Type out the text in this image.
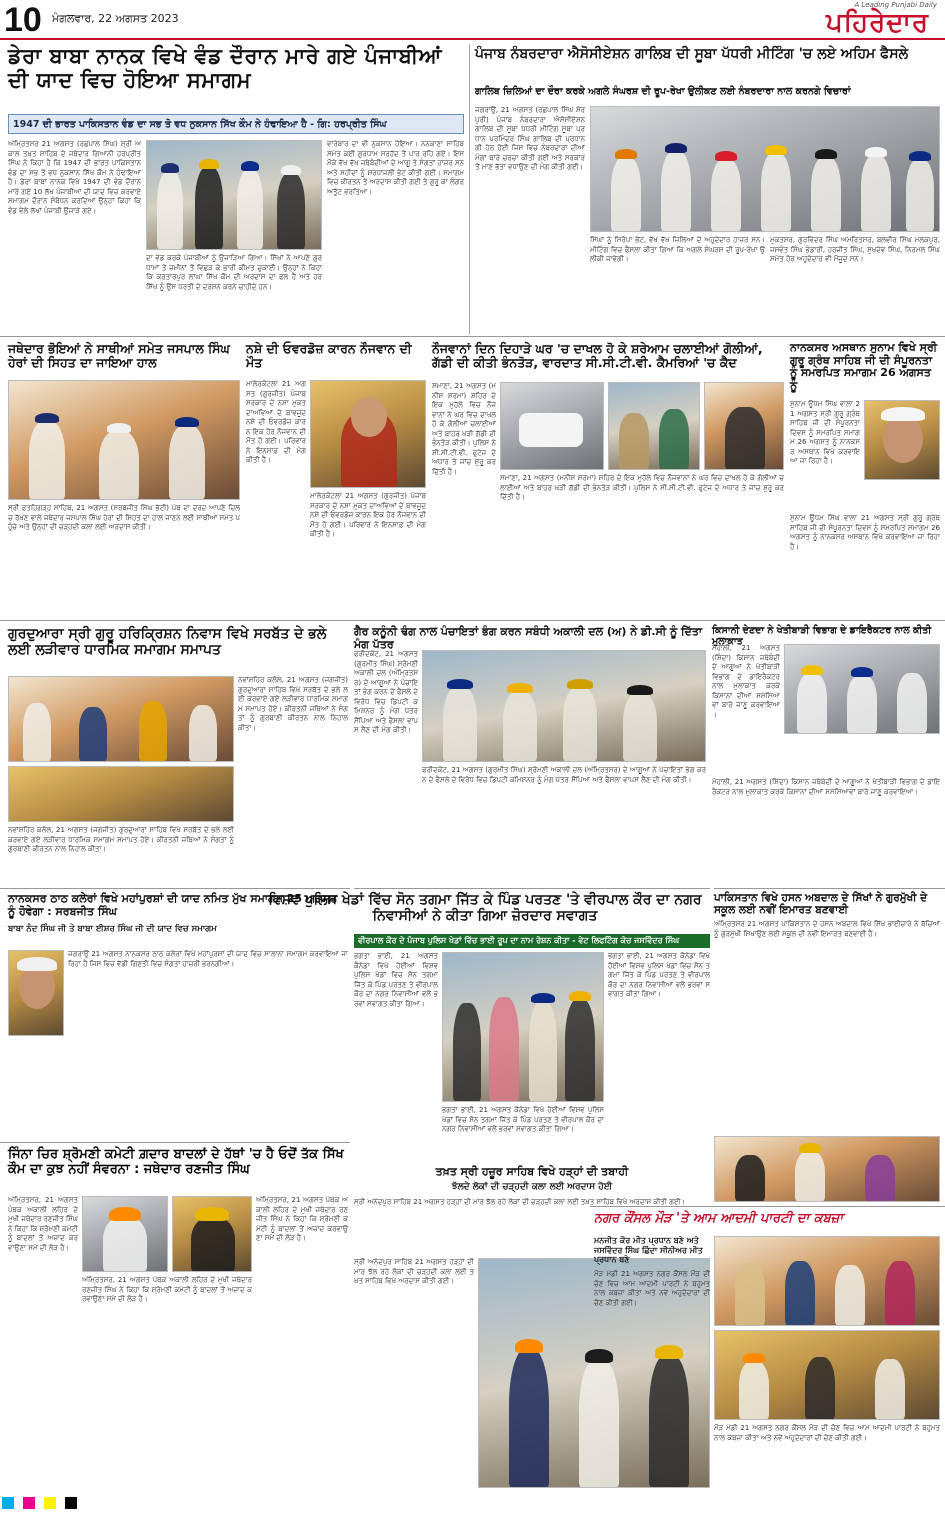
10 ਮੰਗਲਵਾਰ, 22 ਅਗਸਤ 2023
A Leading Punjabi Daily
ਪਹਿਰੇਦਾਰ
ਡੇਰਾ ਬਾਬਾ ਨਾਨਕ ਵਿਖੇ ਵੰਡ ਦੌਰਾਨ ਮਾਰੇ ਗਏ ਪੰਜਾਬੀਆਂ ਦੀ ਯਾਦ ਵਿਚ ਹੋਇਆ ਸਮਾਗਮ
1947 ਦੀ ਭਾਰਤ ਪਾਕਿਸਤਾਨ ਵੰਡ ਦਾ ਸਭ ਤੋ ਵਧ ਨੁਕਸਾਨ ਸਿੱਖ ਕੌਮ ਨੇ ਹੰਢਾਇਆ ਹੈ - ਗਿ: ਹਰਪ੍ਰੀਤ ਸਿੰਘ
ਅੰਮ੍ਰਿਤਸਰ 21 ਅਗਸਤ (ਰਛਪਾਲ ਸਿੰਘ) ਸ਼੍ਰੀ ਅਕਾਲ ਤਖ਼ਤ ਸਾਹਿਬ ਦੇ ਜਥੇਦਾਰ ਗਿਆਨੀ ਹਰਪ੍ਰੀਤ ਸਿੰਘ ਨੇ ਕਿਹਾ ਹੈ ਕਿ 1947 ਦੀ ਭਾਰਤ ਪਾਕਿਸਤਾਨ ਵੰਡ ਦਾ ਸਭ ਤੋ ਵਧ ਨੁਕਸਾਨ ਸਿੱਖ ਕੌਮ ਨੇ ਹੰਢਾਇਆ ਹੈ। ਡੇਰਾ ਬਾਬਾ ਨਾਨਕ ਵਿਖੇ 1947 ਦੀ ਵੰਡ ਦੌਰਾਨ ਮਾਰੇ ਗਏ 10 ਲੱਖ ਪੰਜਾਬੀਆਂ ਦੀ ਯਾਦ ਵਿਚ ਕਰਵਾਏ ਸਮਾਗਮ ਦੌਰਾਨ ਸੰਬੋਧਨ ਕਰਦਿਆਂ ਉਨ੍ਹਾਂ ਕਿਹਾ ਕਿ ਵੰਡ ਵੇਲੇ ਲੱਖਾਂ ਪੰਜਾਬੀ ਉਜਾੜੇ ਗਏ।
ਦਾ ਵੰਡ ਕਰਕੇ ਪੰਜਾਬੀਆਂ ਨੂੰ ਉਜਾੜਿਆ ਗਿਆ। ਸਿੱਖਾਂ ਨੇ ਆਪਣੇ ਗੁਰਧਾਮਾਂ ਤੇ ਜ਼ਮੀਨਾਂ ਤੋਂ ਵਿਛੜ ਕੇ ਭਾਰੀ ਕੀਮਤ ਚੁਕਾਈ। ਉਨ੍ਹਾਂ ਨੇ ਕਿਹਾ ਕਿ ਕਰਤਾਰਪੁਰ ਲਾਂਘਾ ਸਿੱਖ ਕੌਮ ਦੀ ਅਰਦਾਸ ਦਾ ਫਲ ਹੈ ਅਤੇ ਹਰ ਸਿੱਖ ਨੂੰ ਉਸ ਧਰਤੀ ਦੇ ਦਰਸ਼ਨ ਕਰਨੇ ਚਾਹੀਦੇ ਹਨ।
ਵਾਰੇਬਾਰ ਦਾ ਵੀ ਨੁਕਸਾਨ ਹੋਇਆ। ਨਨਕਾਣਾ ਸਾਹਿਬ ਸਮੇਤ ਕਈ ਗੁਰਧਾਮ ਸਰਹੱਦ ਤੋਂ ਪਾਰ ਰਹਿ ਗਏ। ਇਸ ਮੌਕੇ ਵੱਖ ਵੱਖ ਜਥੇਬੰਦੀਆਂ ਦੇ ਆਗੂ ਤੇ ਸੰਗਤਾਂ ਹਾਜ਼ਰ ਸਨ ਅਤੇ ਸ਼ਹੀਦਾਂ ਨੂੰ ਸ਼ਰਧਾਂਜਲੀ ਭੇਟ ਕੀਤੀ ਗਈ। ਸਮਾਗਮ ਵਿਚ ਕੀਰਤਨ ਤੇ ਅਰਦਾਸ ਕੀਤੀ ਗਈ ਤੇ ਗੁਰੂ ਕਾ ਲੰਗਰ ਅਤੁੱਟ ਵਰਤਿਆ।
ਪੰਜਾਬ ਨੰਬਰਦਾਰਾ ਐਸੋਸੀਏਸ਼ਨ ਗਾਲਿਬ ਦੀ ਸੂਬਾ ਪੱਧਰੀ ਮੀਟਿੰਗ 'ਚ ਲਏ ਅਹਿਮ ਫੈਸਲੇ
ਗਾਲਿਬ ਜ਼ਿਲਿਆਂ ਦਾ ਦੌਰਾ ਕਰਕੇ ਅਗਲੇ ਸੰਘਰਸ਼ ਦੀ ਰੂਪ-ਰੇਖਾ ਉਲੀਕਣ ਲਈ ਨੰਬਰਦਾਰਾ ਨਾਲ ਕਰਨਗੇ ਵਿਚਾਰਾਂ
ਜਗਰਾਉਂ, 21 ਅਗਸਤ (ਰਛਪਾਲ ਸਿੰਘ ਸ਼ੇਰਪੁਰੀ) ਪੰਜਾਬ ਨੰਬਰਦਾਰਾ ਐਸੋਸੀਏਸ਼ਨ ਗਾਲਿਬ ਦੀ ਸੂਬਾ ਪੱਧਰੀ ਮੀਟਿੰਗ ਸੂਬਾ ਪ੍ਰਧਾਨ ਪਰਮਿੰਦਰ ਸਿੰਘ ਗਾਲਿਬ ਦੀ ਪ੍ਰਧਾਨਗੀ ਹੇਠ ਹੋਈ ਜਿਸ ਵਿਚ ਨੰਬਰਦਾਰਾਂ ਦੀਆਂ ਮੰਗਾਂ ਬਾਰੇ ਚਰਚਾ ਕੀਤੀ ਗਈ ਅਤੇ ਸਰਕਾਰ ਤੋਂ ਮਾਣ ਭੱਤਾ ਵਧਾਉਣ ਦੀ ਮੰਗ ਕੀਤੀ ਗਈ।
ਸਿੰਘਾਂ ਨੂੰ ਸਿਰੋਪਾ ਭੇਂਟ, ਵੱਖ ਵੱਖ ਜ਼ਿਲਿਆਂ ਦੇ ਅਹੁਦੇਦਾਰ ਹਾਜ਼ਰ ਸਨ। ਮੀਟਿੰਗ ਵਿਚ ਫੈਸਲਾ ਕੀਤਾ ਗਿਆ ਕਿ ਅਗਲੇ ਸੰਘਰਸ਼ ਦੀ ਰੂਪ-ਰੇਖਾ ਉਲੀਕੀ ਜਾਵੇਗੀ।
ਮੁਕਤਸਰ, ਗੁਰਵਿੰਦਰ ਸਿੰਘ ਅਮਰਿਤਸਰ, ਬਲਵੀਰ ਸਿੰਘ ਮਲਕਪੁਰ, ਜਸਵੰਤ ਸਿੰਘ ਭੰਡਾਰੀ, ਹਰਜੀਤ ਸਿੰਘ, ਸੁਖਦੇਵ ਸਿੰਘ, ਨਿਰਮਲ ਸਿੰਘ ਸਮੇਤ ਹੋਰ ਅਹੁਦੇਦਾਰ ਵੀ ਮੌਜੂਦ ਸਨ।
ਜਥੇਦਾਰ ਭੋਇਆਂ ਨੇ ਸਾਥੀਆਂ ਸਮੇਤ ਜਸਪਾਲ ਸਿੰਘ ਹੇਰਾਂ ਦੀ ਸਿਹਤ ਦਾ ਜਾਇਆ ਹਾਲ
ਸ੍ਰੀ ਫ਼ਤਹਿਗੜ੍ਹ ਸਾਹਿਬ, 21 ਅਗਸਤ (ਸਰਬਜੀਤ ਸਿੰਘ ਭੱਟੀ) ਪੰਥ ਦਾ ਦਰਦ ਆਪਣੇ ਦਿਲ ਚ ਰੱਖਣ ਵਾਲੇ ਜਥੇਦਾਰ ਜਸਪਾਲ ਸਿੰਘ ਹੇਰਾਂ ਦੀ ਸਿਹਤ ਦਾ ਹਾਲ ਜਾਣਨ ਲਈ ਸਾਥੀਆਂ ਸਮੇਤ ਪਹੁੰਚੇ ਅਤੇ ਉਨ੍ਹਾਂ ਦੀ ਚੜ੍ਹਦੀ ਕਲਾ ਲਈ ਅਰਦਾਸ ਕੀਤੀ।
ਨਸ਼ੇ ਦੀ ਓਵਰਡੋਜ਼ ਕਾਰਨ ਨੌਜਵਾਨ ਦੀ ਮੌਤ
ਮਾਲੇਰਕੋਟਲਾ 21 ਅਗਸਤ (ਗੁਰਜੀਤ) ਪੰਜਾਬ ਸਰਕਾਰ ਦੇ ਨਸ਼ਾ ਮੁਕਤ ਦਾਅਵਿਆਂ ਦੇ ਬਾਵਜੂਦ ਨਸ਼ੇ ਦੀ ਓਵਰਡੋਜ਼ ਕਾਰਨ ਇਕ ਹੋਰ ਨੌਜਵਾਨ ਦੀ ਮੌਤ ਹੋ ਗਈ। ਪਰਿਵਾਰ ਨੇ ਇਨਸਾਫ਼ ਦੀ ਮੰਗ ਕੀਤੀ ਹੈ।
ਮਾਲੇਰਕੋਟਲਾ 21 ਅਗਸਤ (ਗੁਰਜੀਤ) ਪੰਜਾਬ ਸਰਕਾਰ ਦੇ ਨਸ਼ਾ ਮੁਕਤ ਦਾਅਵਿਆਂ ਦੇ ਬਾਵਜੂਦ ਨਸ਼ੇ ਦੀ ਓਵਰਡੋਜ਼ ਕਾਰਨ ਇਕ ਹੋਰ ਨੌਜਵਾਨ ਦੀ ਮੌਤ ਹੋ ਗਈ। ਪਰਿਵਾਰ ਨੇ ਇਨਸਾਫ਼ ਦੀ ਮੰਗ ਕੀਤੀ ਹੈ।
ਨੌਜਵਾਨਾਂ ਦਿਨ ਦਿਹਾੜੇ ਘਰ 'ਚ ਦਾਖਲ ਹੋ ਕੇ ਸ਼ਰੇਆਮ ਚਲਾਈਆਂ ਗੋਲੀਆਂ, ਗੱਡੀ ਦੀ ਕੀਤੀ ਭੰਨਤੋੜ, ਵਾਰਦਾਤ ਸੀ.ਸੀ.ਟੀ.ਵੀ. ਕੈਮਰਿਆਂ 'ਚ ਕੈਦ
ਸਮਾਣਾ, 21 ਅਗਸਤ (ਮਨੀਸ਼ ਸ਼ਰਮਾ) ਸ਼ਹਿਰ ਦੇ ਇਕ ਮੁਹੱਲੇ ਵਿਚ ਨੌਜਵਾਨਾਂ ਨੇ ਘਰ ਵਿਚ ਦਾਖਲ ਹੋ ਕੇ ਗੋਲੀਆਂ ਚਲਾਈਆਂ ਅਤੇ ਬਾਹਰ ਖੜੀ ਗੱਡੀ ਦੀ ਭੰਨਤੋੜ ਕੀਤੀ। ਪੁਲਿਸ ਨੇ ਸੀ.ਸੀ.ਟੀ.ਵੀ. ਫੁਟੇਜ ਦੇ ਅਧਾਰ ਤੇ ਜਾਂਚ ਸ਼ੁਰੂ ਕਰ ਦਿੱਤੀ ਹੈ।
ਸਮਾਣਾ, 21 ਅਗਸਤ (ਮਨੀਸ਼ ਸ਼ਰਮਾ) ਸ਼ਹਿਰ ਦੇ ਇਕ ਮੁਹੱਲੇ ਵਿਚ ਨੌਜਵਾਨਾਂ ਨੇ ਘਰ ਵਿਚ ਦਾਖਲ ਹੋ ਕੇ ਗੋਲੀਆਂ ਚਲਾਈਆਂ ਅਤੇ ਬਾਹਰ ਖੜੀ ਗੱਡੀ ਦੀ ਭੰਨਤੋੜ ਕੀਤੀ। ਪੁਲਿਸ ਨੇ ਸੀ.ਸੀ.ਟੀ.ਵੀ. ਫੁਟੇਜ ਦੇ ਅਧਾਰ ਤੇ ਜਾਂਚ ਸ਼ੁਰੂ ਕਰ ਦਿੱਤੀ ਹੈ।
ਨਾਨਕਸਰ ਅਸਥਾਨ ਸੁਨਾਮ ਵਿਖੇ ਸ੍ਰੀ ਗੁਰੂ ਗ੍ਰੰਥ ਸਾਹਿਬ ਜੀ ਦੀ ਸੰਪੂਰਨਤਾ ਨੂੰ ਸਮਰਪਿਤ ਸਮਾਗਮ 26 ਅਗਸਤ ਨੂੰ
ਸੁਨਾਮ ਊਧਮ ਸਿੰਘ ਵਾਲਾ 21 ਅਗਸਤ ਸ੍ਰੀ ਗੁਰੂ ਗ੍ਰੰਥ ਸਾਹਿਬ ਜੀ ਦੀ ਸੰਪੂਰਨਤਾ ਦਿਵਸ ਨੂੰ ਸਮਰਪਿਤ ਸਮਾਗਮ 26 ਅਗਸਤ ਨੂੰ ਨਾਨਕਸਰ ਅਸਥਾਨ ਵਿਖੇ ਕਰਵਾਇਆ ਜਾ ਰਿਹਾ ਹੈ।
ਸੁਨਾਮ ਊਧਮ ਸਿੰਘ ਵਾਲਾ 21 ਅਗਸਤ ਸ੍ਰੀ ਗੁਰੂ ਗ੍ਰੰਥ ਸਾਹਿਬ ਜੀ ਦੀ ਸੰਪੂਰਨਤਾ ਦਿਵਸ ਨੂੰ ਸਮਰਪਿਤ ਸਮਾਗਮ 26 ਅਗਸਤ ਨੂੰ ਨਾਨਕਸਰ ਅਸਥਾਨ ਵਿਖੇ ਕਰਵਾਇਆ ਜਾ ਰਿਹਾ ਹੈ।
ਗੁਰਦੁਆਰਾ ਸ੍ਰੀ ਗੁਰੂ ਹਰਿਕ੍ਰਿਸ਼ਨ ਨਿਵਾਸ ਵਿਖੇ ਸਰਬੱਤ ਦੇ ਭਲੇ ਲਈ ਲੜੀਵਾਰ ਧਾਰਮਿਕ ਸਮਾਗਮ ਸਮਾਪਤ
ਨਵਾਂਸ਼ਹਿਰ ਕਲੋਲ, 21 ਅਗਸਤ (ਜਗਜੀਤ) ਗੁਰਦੁਆਰਾ ਸਾਹਿਬ ਵਿਖੇ ਸਰਬੱਤ ਦੇ ਭਲੇ ਲਈ ਕਰਵਾਏ ਗਏ ਲੜੀਵਾਰ ਧਾਰਮਿਕ ਸਮਾਗਮ ਸਮਾਪਤ ਹੋਏ। ਕੀਰਤਨੀ ਜਥਿਆਂ ਨੇ ਸੰਗਤਾਂ ਨੂੰ ਗੁਰਬਾਣੀ ਕੀਰਤਨ ਨਾਲ ਨਿਹਾਲ ਕੀਤਾ।
ਨਵਾਂਸ਼ਹਿਰ ਕਲੋਲ, 21 ਅਗਸਤ (ਜਗਜੀਤ) ਗੁਰਦੁਆਰਾ ਸਾਹਿਬ ਵਿਖੇ ਸਰਬੱਤ ਦੇ ਭਲੇ ਲਈ ਕਰਵਾਏ ਗਏ ਲੜੀਵਾਰ ਧਾਰਮਿਕ ਸਮਾਗਮ ਸਮਾਪਤ ਹੋਏ। ਕੀਰਤਨੀ ਜਥਿਆਂ ਨੇ ਸੰਗਤਾਂ ਨੂੰ ਗੁਰਬਾਣੀ ਕੀਰਤਨ ਨਾਲ ਨਿਹਾਲ ਕੀਤਾ।
ਗੈਰ ਕਨੂੰਨੀ ਢੰਗ ਨਾਲ ਪੰਚਾਇਤਾਂ ਭੰਗ ਕਰਨ ਸਬੰਧੀ ਅਕਾਲੀ ਦਲ (ਅ) ਨੇ ਡੀ.ਸੀ ਨੂੰ ਦਿੱਤਾ ਮੰਗ ਪੱਤਰ
ਫਰੀਦਕੋਟ, 21 ਅਗਸਤ (ਗੁਰਮੀਤ ਸਿੰਘ) ਸ਼੍ਰੋਮਣੀ ਅਕਾਲੀ ਦਲ (ਅੰਮ੍ਰਿਤਸਰ) ਦੇ ਆਗੂਆਂ ਨੇ ਪੰਚਾਇਤਾਂ ਭੰਗ ਕਰਨ ਦੇ ਫੈਸਲੇ ਦੇ ਵਿਰੋਧ ਵਿਚ ਡਿਪਟੀ ਕਮਿਸ਼ਨਰ ਨੂੰ ਮੰਗ ਪੱਤਰ ਸੌਂਪਿਆ ਅਤੇ ਫੈਸਲਾ ਵਾਪਸ ਲੈਣ ਦੀ ਮੰਗ ਕੀਤੀ।
ਫਰੀਦਕੋਟ, 21 ਅਗਸਤ (ਗੁਰਮੀਤ ਸਿੰਘ) ਸ਼੍ਰੋਮਣੀ ਅਕਾਲੀ ਦਲ (ਅੰਮ੍ਰਿਤਸਰ) ਦੇ ਆਗੂਆਂ ਨੇ ਪੰਚਾਇਤਾਂ ਭੰਗ ਕਰਨ ਦੇ ਫੈਸਲੇ ਦੇ ਵਿਰੋਧ ਵਿਚ ਡਿਪਟੀ ਕਮਿਸ਼ਨਰ ਨੂੰ ਮੰਗ ਪੱਤਰ ਸੌਂਪਿਆ ਅਤੇ ਫੈਸਲਾ ਵਾਪਸ ਲੈਣ ਦੀ ਮੰਗ ਕੀਤੀ।
ਕਿਸਾਨੀ ਦੇਣਦਾ ਨੇ ਖੇਤੀਬਾੜੀ ਵਿਭਾਗ ਦੇ ਡਾਇਰੈਕਟਰ ਨਾਲ ਕੀਤੀ ਮੁਲਾਕਾਤ
ਮੋਹਾਲੀ, 21 ਅਗਸਤ (ਸ਼ਿੰਦਾ) ਕਿਸਾਨ ਜਥੇਬੰਦੀ ਦੇ ਆਗੂਆਂ ਨੇ ਖੇਤੀਬਾੜੀ ਵਿਭਾਗ ਦੇ ਡਾਇਰੈਕਟਰ ਨਾਲ ਮੁਲਾਕਾਤ ਕਰਕੇ ਕਿਸਾਨਾਂ ਦੀਆਂ ਸਮੱਸਿਆਵਾਂ ਬਾਰੇ ਜਾਣੂ ਕਰਵਾਇਆ।
ਮੋਹਾਲੀ, 21 ਅਗਸਤ (ਸ਼ਿੰਦਾ) ਕਿਸਾਨ ਜਥੇਬੰਦੀ ਦੇ ਆਗੂਆਂ ਨੇ ਖੇਤੀਬਾੜੀ ਵਿਭਾਗ ਦੇ ਡਾਇਰੈਕਟਰ ਨਾਲ ਮੁਲਾਕਾਤ ਕਰਕੇ ਕਿਸਾਨਾਂ ਦੀਆਂ ਸਮੱਸਿਆਵਾਂ ਬਾਰੇ ਜਾਣੂ ਕਰਵਾਇਆ।
ਨਾਨਕਸਰ ਠਾਠ ਕਲੇਰਾਂ ਵਿਖੇ ਮਹਾਂਪੁਰਸ਼ਾਂ ਦੀ ਯਾਦ ਨਮਿਤ ਮੁੱਖ ਸਮਾਗਮ 25 ਅਗਸਤ ਨੂੰ ਹੋਵੇਗਾ : ਸਰਬਜੀਤ ਸਿੰਘ
ਬਾਬਾ ਨੰਦ ਸਿੰਘ ਜੀ ਤੇ ਬਾਬਾ ਈਸ਼ਰ ਸਿੰਘ ਜੀ ਦੀ ਯਾਦ ਵਿਚ ਸਮਾਗਮ
ਜਗਰਾਉਂ 21 ਅਗਸਤ ਨਾਨਕਸਰ ਠਾਠ ਕਲੇਰਾਂ ਵਿਖੇ ਮਹਾਂਪੁਰਸ਼ਾਂ ਦੀ ਯਾਦ ਵਿਚ ਸਾਲਾਨਾ ਸਮਾਗਮ ਕਰਵਾਇਆ ਜਾ ਰਿਹਾ ਹੈ ਜਿਸ ਵਿਚ ਵੱਡੀ ਗਿਣਤੀ ਵਿਚ ਸੰਗਤਾਂ ਹਾਜ਼ਰੀ ਭਰਨਗੀਆਂ।
ਵਿਸ਼ਵ ਪੁਲਿਸ ਖੇਡਾਂ ਵਿੱਚ ਸੋਨ ਤਗਮਾ ਜਿੱਤ ਕੇ ਪਿੰਡ ਪਰਤਣ 'ਤੇ ਵੀਰਪਾਲ ਕੌਰ ਦਾ ਨਗਰ ਨਿਵਾਸੀਆਂ ਨੇ ਕੀਤਾ ਗਿਆ ਜ਼ੋਰਦਾਰ ਸਵਾਗਤ
ਵੀਰਪਾਲ ਕੌਰ ਦੇ ਪੰਜਾਬ ਪੁਲਿਸ ਖੇਡਾਂ ਵਿੱਚ ਭਾਈ ਰੂਪ ਦਾ ਨਾਮ ਰੋਸ਼ਨ ਕੀਤਾ - ਵੇਟ ਲਿਫਟਿੰਗ ਕੋਚ ਜਸਵਿੰਦਰ ਸਿੰਘ
ਭਗਤਾ ਭਾਈ, 21 ਅਗਸਤ ਕੈਨੇਡਾ ਵਿਖੇ ਹੋਈਆਂ ਵਿਸ਼ਵ ਪੁਲਿਸ ਖੇਡਾਂ ਵਿਚ ਸੋਨ ਤਗਮਾ ਜਿੱਤ ਕੇ ਪਿੰਡ ਪਰਤਣ ਤੇ ਵੀਰਪਾਲ ਕੌਰ ਦਾ ਨਗਰ ਨਿਵਾਸੀਆਂ ਵਲੋਂ ਭਰਵਾਂ ਸਵਾਗਤ ਕੀਤਾ ਗਿਆ।
ਭਗਤਾ ਭਾਈ, 21 ਅਗਸਤ ਕੈਨੇਡਾ ਵਿਖੇ ਹੋਈਆਂ ਵਿਸ਼ਵ ਪੁਲਿਸ ਖੇਡਾਂ ਵਿਚ ਸੋਨ ਤਗਮਾ ਜਿੱਤ ਕੇ ਪਿੰਡ ਪਰਤਣ ਤੇ ਵੀਰਪਾਲ ਕੌਰ ਦਾ ਨਗਰ ਨਿਵਾਸੀਆਂ ਵਲੋਂ ਭਰਵਾਂ ਸਵਾਗਤ ਕੀਤਾ ਗਿਆ।
ਭਗਤਾ ਭਾਈ, 21 ਅਗਸਤ ਕੈਨੇਡਾ ਵਿਖੇ ਹੋਈਆਂ ਵਿਸ਼ਵ ਪੁਲਿਸ ਖੇਡਾਂ ਵਿਚ ਸੋਨ ਤਗਮਾ ਜਿੱਤ ਕੇ ਪਿੰਡ ਪਰਤਣ ਤੇ ਵੀਰਪਾਲ ਕੌਰ ਦਾ ਨਗਰ ਨਿਵਾਸੀਆਂ ਵਲੋਂ ਭਰਵਾਂ ਸਵਾਗਤ ਕੀਤਾ ਗਿਆ।
ਤਖ਼ਤ ਸ੍ਰੀ ਹਜ਼ੂਰ ਸਾਹਿਬ ਵਿਖੇ ਹੜ੍ਹਾਂ ਦੀ ਤਬਾਹੀ
ਝੱਲਦੇ ਲੋਕਾਂ ਦੀ ਚੜ੍ਹਦੀ ਕਲਾ ਲਈ ਅਰਦਾਸ ਹੋਈ
ਸ੍ਰੀ ਅਨੰਦਪੁਰ ਸਾਹਿਬ 21 ਅਗਸਤ ਹੜ੍ਹਾਂ ਦੀ ਮਾਰ ਝੱਲ ਰਹੇ ਲੋਕਾਂ ਦੀ ਚੜ੍ਹਦੀ ਕਲਾ ਲਈ ਤਖ਼ਤ ਸਾਹਿਬ ਵਿਖੇ ਅਰਦਾਸ ਕੀਤੀ ਗਈ।
ਪਾਕਿਸਤਾਨ ਵਿਖੇ ਹਸਨ ਅਬਦਾਲ ਦੇ ਸਿੱਖਾਂ ਨੇ ਗੁਰਮੁੱਖੀ ਦੇ ਸਕੂਲ ਲਈ ਨਵੀਂ ਇਮਾਰਤ ਬਣਵਾਈ
ਅੰਮ੍ਰਿਤਸਰ 21 ਅਗਸਤ ਪਾਕਿਸਤਾਨ ਦੇ ਹਸਨ ਅਬਦਾਲ ਵਿਖੇ ਸਿੱਖ ਭਾਈਚਾਰੇ ਨੇ ਬੱਚਿਆਂ ਨੂੰ ਗੁਰਮੁੱਖੀ ਸਿਖਾਉਣ ਲਈ ਸਕੂਲ ਦੀ ਨਵੀਂ ਇਮਾਰਤ ਬਣਵਾਈ ਹੈ।
ਜਿੰਨਾ ਚਿਰ ਸ਼੍ਰੋਮਣੀ ਕਮੇਟੀ ਗ਼ਦਾਰ ਬਾਦਲਾਂ ਦੇ ਹੱਥਾਂ 'ਚ ਹੈ ਓਦੋਂ ਤੱਕ ਸਿੱਖ ਕੌਮ ਦਾ ਕੁਝ ਨਹੀਂ ਸੰਵਰਨਾ : ਜਥੇਦਾਰ ਰਣਜੀਤ ਸਿੰਘ
ਅੰਮ੍ਰਿਤਸਰ, 21 ਅਗਸਤ ਪੰਥਕ ਅਕਾਲੀ ਲਹਿਰ ਦੇ ਮੁਖੀ ਜਥੇਦਾਰ ਰਣਜੀਤ ਸਿੰਘ ਨੇ ਕਿਹਾ ਕਿ ਸ਼੍ਰੋਮਣੀ ਕਮੇਟੀ ਨੂੰ ਬਾਦਲਾਂ ਤੋਂ ਅਜ਼ਾਦ ਕਰਵਾਉਣਾ ਸਮੇਂ ਦੀ ਲੋੜ ਹੈ।
ਅੰਮ੍ਰਿਤਸਰ, 21 ਅਗਸਤ ਪੰਥਕ ਅਕਾਲੀ ਲਹਿਰ ਦੇ ਮੁਖੀ ਜਥੇਦਾਰ ਰਣਜੀਤ ਸਿੰਘ ਨੇ ਕਿਹਾ ਕਿ ਸ਼੍ਰੋਮਣੀ ਕਮੇਟੀ ਨੂੰ ਬਾਦਲਾਂ ਤੋਂ ਅਜ਼ਾਦ ਕਰਵਾਉਣਾ ਸਮੇਂ ਦੀ ਲੋੜ ਹੈ।
ਅੰਮ੍ਰਿਤਸਰ, 21 ਅਗਸਤ ਪੰਥਕ ਅਕਾਲੀ ਲਹਿਰ ਦੇ ਮੁਖੀ ਜਥੇਦਾਰ ਰਣਜੀਤ ਸਿੰਘ ਨੇ ਕਿਹਾ ਕਿ ਸ਼੍ਰੋਮਣੀ ਕਮੇਟੀ ਨੂੰ ਬਾਦਲਾਂ ਤੋਂ ਅਜ਼ਾਦ ਕਰਵਾਉਣਾ ਸਮੇਂ ਦੀ ਲੋੜ ਹੈ।
ਸ੍ਰੀ ਅਨੰਦਪੁਰ ਸਾਹਿਬ 21 ਅਗਸਤ ਹੜ੍ਹਾਂ ਦੀ ਮਾਰ ਝੱਲ ਰਹੇ ਲੋਕਾਂ ਦੀ ਚੜ੍ਹਦੀ ਕਲਾ ਲਈ ਤਖ਼ਤ ਸਾਹਿਬ ਵਿਖੇ ਅਰਦਾਸ ਕੀਤੀ ਗਈ।
ਨਗਰ ਕੌਂਸਲ ਮੌੜ 'ਤੇ ਆਮ ਆਦਮੀ ਪਾਰਟੀ ਦਾ ਕਬਜ਼ਾ
ਮਨਜੀਤ ਕੌਰ ਮੀਤ ਪ੍ਰਧਾਨ ਬਣੇ ਅਤੇ ਜਸਵਿੰਦਰ ਸਿੰਘ ਛਿੰਦਾ ਸੀਨੀਅਰ ਮੀਤ ਪ੍ਰਧਾਨ ਬਣੇ
ਮੌੜ ਮੰਡੀ 21 ਅਗਸਤ ਨਗਰ ਕੌਂਸਲ ਮੌੜ ਦੀ ਚੋਣ ਵਿਚ ਆਮ ਆਦਮੀ ਪਾਰਟੀ ਨੇ ਬਹੁਮਤ ਨਾਲ ਕਬਜ਼ਾ ਕੀਤਾ ਅਤੇ ਨਵੇਂ ਅਹੁਦੇਦਾਰਾਂ ਦੀ ਚੋਣ ਕੀਤੀ ਗਈ।
ਮੌੜ ਮੰਡੀ 21 ਅਗਸਤ ਨਗਰ ਕੌਂਸਲ ਮੌੜ ਦੀ ਚੋਣ ਵਿਚ ਆਮ ਆਦਮੀ ਪਾਰਟੀ ਨੇ ਬਹੁਮਤ ਨਾਲ ਕਬਜ਼ਾ ਕੀਤਾ ਅਤੇ ਨਵੇਂ ਅਹੁਦੇਦਾਰਾਂ ਦੀ ਚੋਣ ਕੀਤੀ ਗਈ।
